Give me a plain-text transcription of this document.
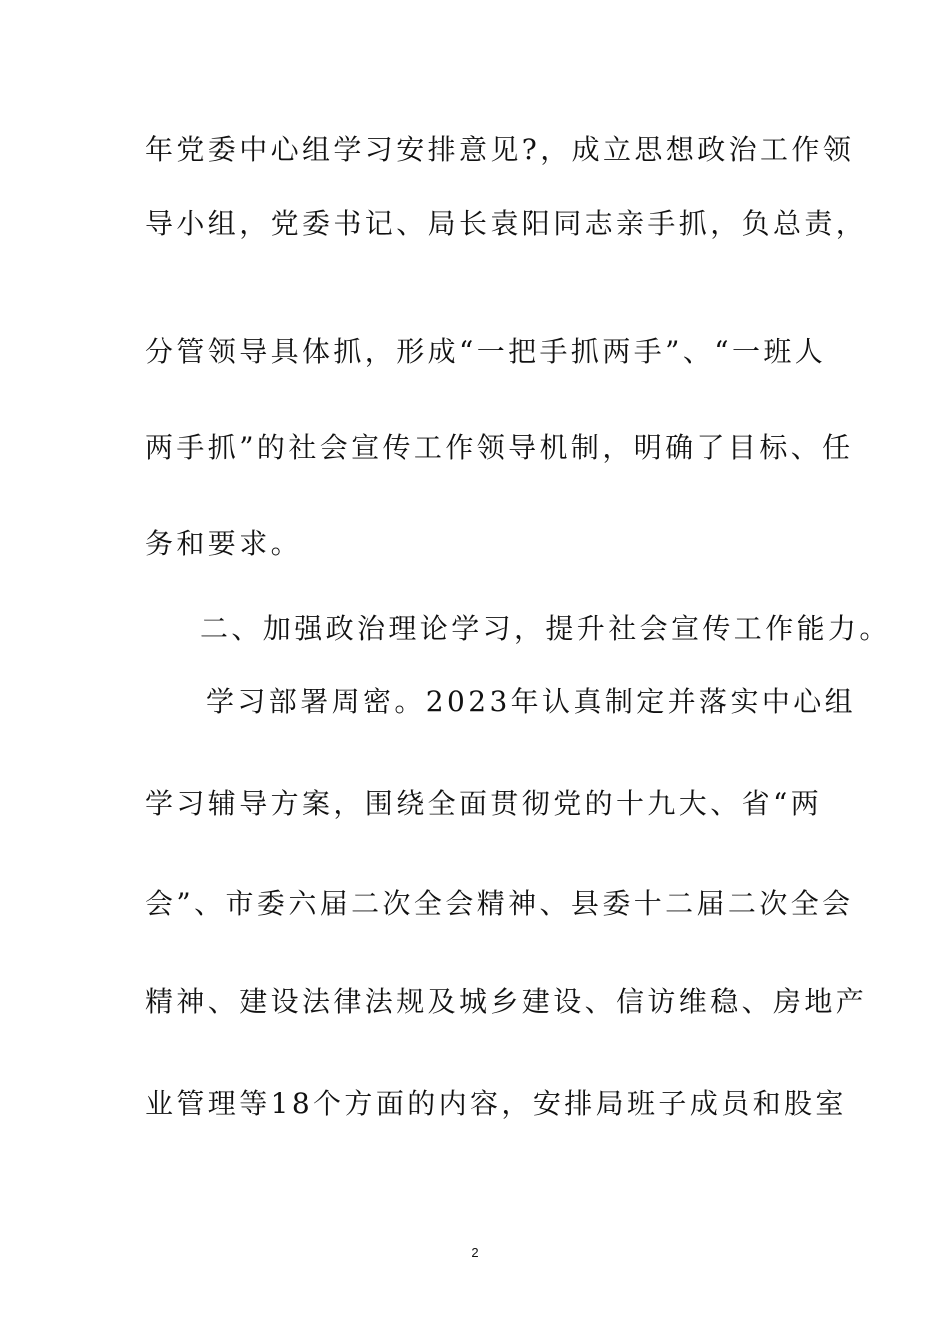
年党委中心组学习安排意见?，成立思想政治工作领
导小组，党委书记、局长袁阳同志亲手抓，负总责，
分管领导具体抓，形成“一把手抓两手”、“一班人
两手抓”的社会宣传工作领导机制，明确了目标、任
务和要求。
二、加强政治理论学习，提升社会宣传工作能力。
学习部署周密。2023年认真制定并落实中心组
学习辅导方案，围绕全面贯彻党的十九大、省“两
会”、市委六届二次全会精神、县委十二届二次全会
精神、建设法律法规及城乡建设、信访维稳、房地产
业管理等18个方面的内容，安排局班子成员和股室
2
